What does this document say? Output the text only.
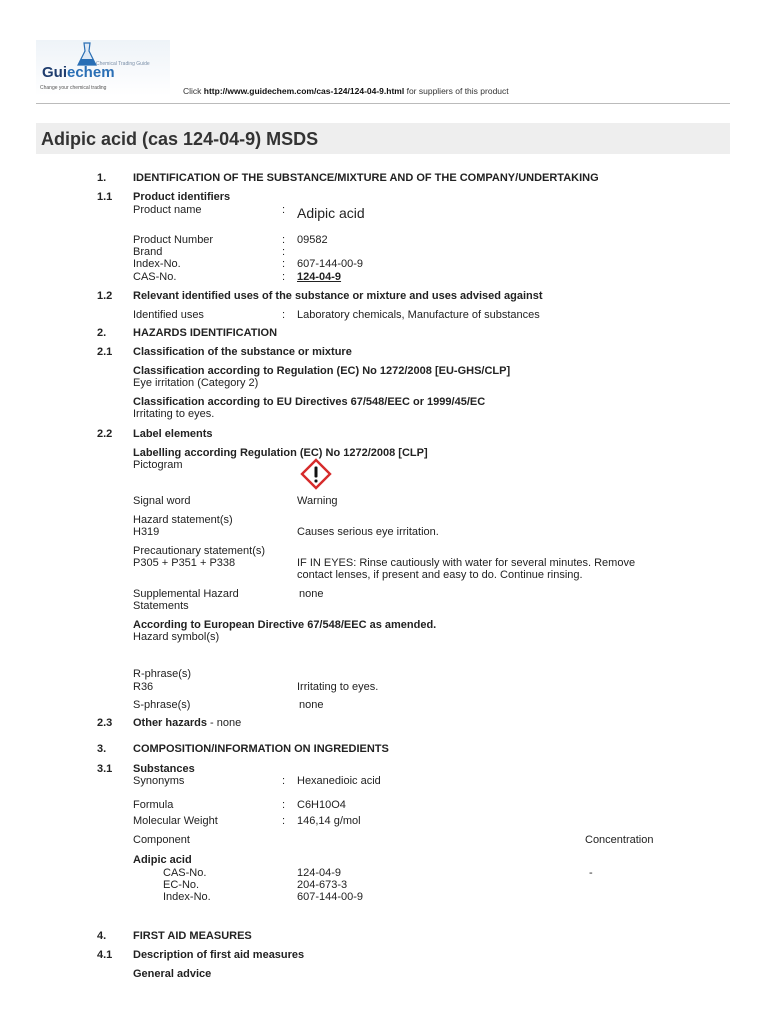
Guiechem
Chemical Trading Guide
Change your chemical trading	Click http://www.guidechem.com/cas-124/124-04-9.html for suppliers of this product
Adipic acid (cas 124-04-9) MSDS
1. IDENTIFICATION OF THE SUBSTANCE/MIXTURE AND OF THE COMPANY/UNDERTAKING
1.1 Product identifiers
Product name	: Adipic acid
Product Number	: 09582
Brand	:
Index-No.	: 607-144-00-9
CAS-No.	: 124-04-9
1.2 Relevant identified uses of the substance or mixture and uses advised against
Identified uses	: Laboratory chemicals, Manufacture of substances
2. HAZARDS IDENTIFICATION
2.1 Classification of the substance or mixture
Classification according to Regulation (EC) No 1272/2008 [EU-GHS/CLP]
Eye irritation (Category 2)
Classification according to EU Directives 67/548/EEC or 1999/45/EC
Irritating to eyes.
2.2 Label elements
Labelling according Regulation (EC) No 1272/2008 [CLP]
Pictogram
Signal word	Warning
Hazard statement(s)
H319	Causes serious eye irritation.
Precautionary statement(s)
P305 + P351 + P338	IF IN EYES: Rinse cautiously with water for several minutes. Remove
contact lenses, if present and easy to do. Continue rinsing.
Supplemental Hazard
Statements
none
According to European Directive 67/548/EEC as amended.
Hazard symbol(s)
R-phrase(s)
R36	Irritating to eyes.
S-phrase(s)	none
2.3 Other hazards - none
3. COMPOSITION/INFORMATION ON INGREDIENTS
3.1 Substances
Synonyms	: Hexanedioic acid
Formula	: C6H10O4
Molecular Weight	: 146,14 g/mol
Component	Concentration
Adipic acid
CAS-No.	124-04-9	-
EC-No.	204-673-3
Index-No.	607-144-00-9
4. FIRST AID MEASURES
4.1 Description of first aid measures
General advice
